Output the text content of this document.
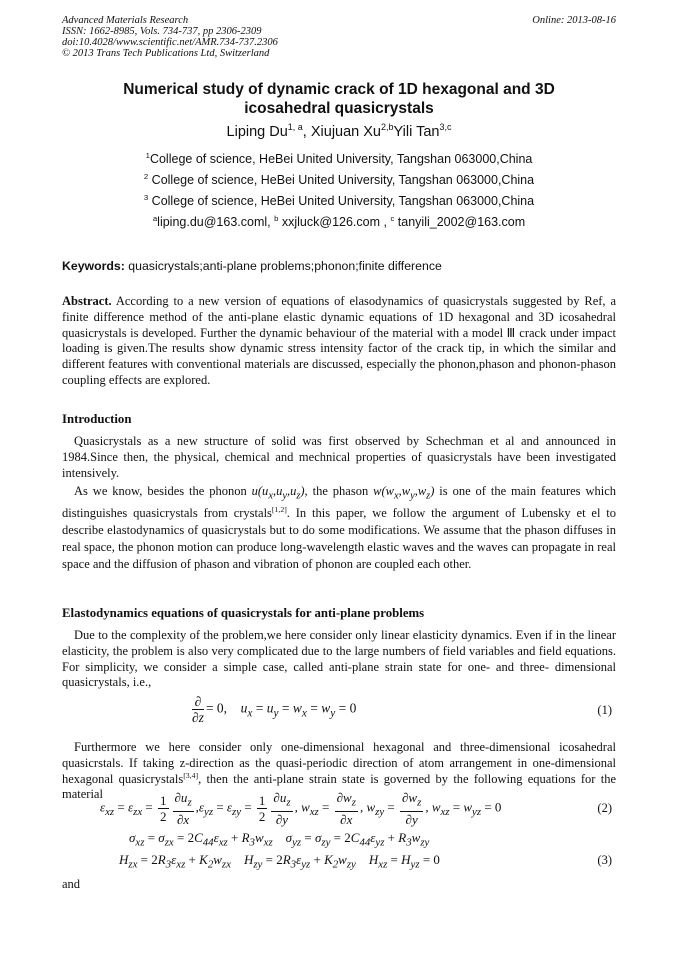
Advanced Materials Research
ISSN: 1662-8985, Vols. 734-737, pp 2306-2309
doi:10.4028/www.scientific.net/AMR.734-737.2306
© 2013 Trans Tech Publications Ltd, Switzerland
Online: 2013-08-16
Numerical study of dynamic crack of 1D hexagonal and 3D
icosahedral quasicrystals
Liping Du$^{1, a}$, Xiujuan Xu$^{2,b}$Yili Tan$^{3,c}$
$^1$College of science, HeBei United University, Tangshan 063000,China
$^2$ College of science, HeBei United University, Tangshan 063000,China
$^3$ College of science, HeBei United University, Tangshan 063000,China
$^a$liping.du@163.coml, $^b$ xxjluck@126.com , $^c$ tanyili_2002@163.com
Keywords: quasicrystals;anti-plane problems;phonon;finite difference
Abstract. According to a new version of equations of elasodynamics of quasicrystals suggested by Ref, a finite difference method of the anti-plane elastic dynamic equations of 1D hexagonal and 3D icosahedral quasicrystals is developed. Further the dynamic behaviour of the material with a model Ⅲ crack under impact loading is given.The results show dynamic stress intensity factor of the crack tip, in which the similar and different features with conventional materials are discussed, especially the phonon,phason and phonon-phason coupling effects are explored.
Introduction
Quasicrystals as a new structure of solid was first observed by Schechman et al and announced in 1984.Since then, the physical, chemical and mechnical properties of quasicrystals have been investigated intensively.
As we know, besides the phonon $u(u_x,u_y,u_z)$, the phason $w(w_x,w_y,w_z)$ is one of the main features which distinguishes quasicrystals from crystals[1,2]. In this paper, we follow the argument of Lubensky et el to describe elastodynamics of quasicrystals but to do some modifications. We assume that the phason diffuses in real space, the phonon motion can produce long-wavelength elastic waves and the waves can propagate in real space and the diffusion of phason and vibration of phonon are coupled each other.
Elastodynamics equations of quasicrystals for anti-plane problems
Due to the complexity of the problem,we here consider only linear elasticity dynamics. Even if in the linear elasticity, the problem is also very complicated due to the large numbers of field variables and field equations. For simplicity, we consider a simple case, called anti-plane strain state for one- and three- dimensional quasicrystals, i.e.,
$\frac{\partial}{\partial z} = 0$,    $u_x = u_y = w_x = w_y = 0$	(1)
Furthermore we here consider only one-dimensional hexagonal and three-dimensional icosahedral quasicrstals. If taking z-direction as the quasi-periodic direction of atom arrangement in one-dimensional hexagonal quasicrystals[3,4], then the anti-plane strain state is governed by the following equations for the material
$\varepsilon_{xz} = \varepsilon_{zx} = \frac{1}{2} \frac{\partial u_z}{\partial x} ,\varepsilon_{yz} = \varepsilon_{zy} = \frac{1}{2} \frac{\partial u_z}{\partial y}$ , $w_{xz} = \frac{\partial w_z}{\partial x}$ , $w_{zy} = \frac{\partial w_z}{\partial y}$ , $w_{xz} = w_{yz} = 0$	(2)
$\sigma_{xz} = \sigma_{zx} = 2C_{44}\varepsilon_{xz} + R_3w_{xz}$    $\sigma_{yz} = \sigma_{zy} = 2C_{44}\varepsilon_{yz} + R_3w_{zy}$
$H_{zx} = 2R_3\varepsilon_{xz} + K_2w_{zx}$    $H_{zy} = 2R_3\varepsilon_{yz} + K_2w_{zy}$    $H_{xz} = H_{yz} = 0$	(3)
and
